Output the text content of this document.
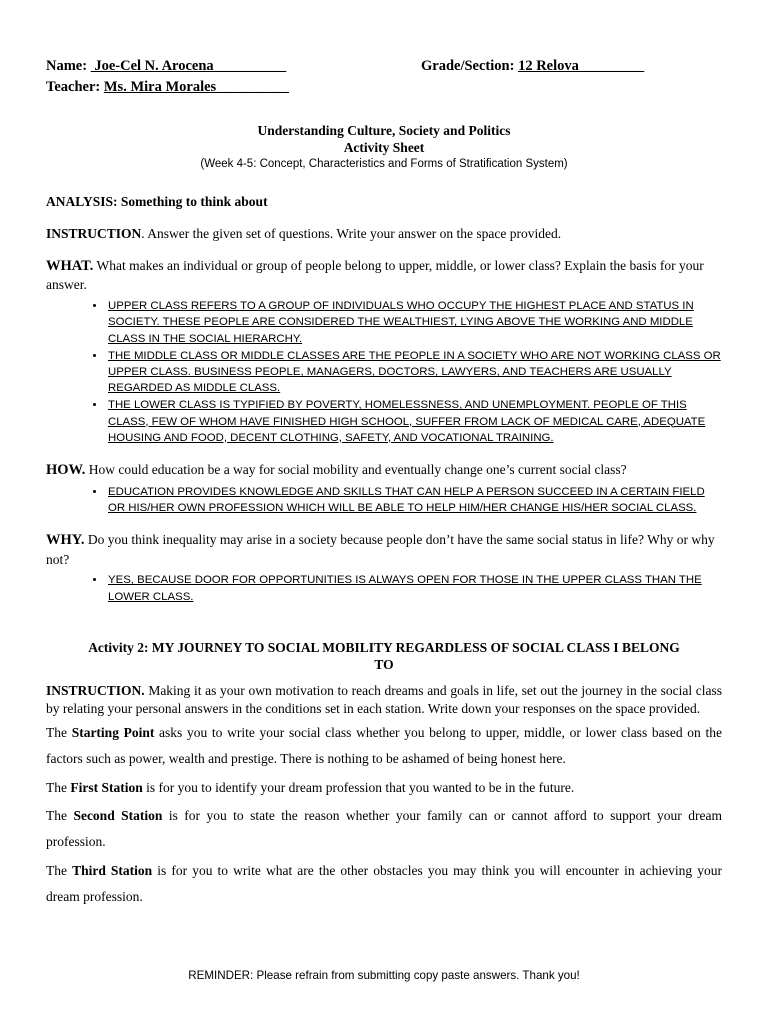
Name: Joe-Cel N. Arocena__________	Grade/Section: 12 Relova_________
Teacher: Ms. Mira Morales__________
Understanding Culture, Society and Politics
Activity Sheet
(Week 4-5: Concept, Characteristics and Forms of Stratification System)
ANALYSIS: Something to think about
INSTRUCTION. Answer the given set of questions. Write your answer on the space provided.
WHAT. What makes an individual or group of people belong to upper, middle, or lower class? Explain the basis for your answer.
• UPPER CLASS REFERS TO A GROUP OF INDIVIDUALS WHO OCCUPY THE HIGHEST PLACE AND STATUS IN SOCIETY. THESE PEOPLE ARE CONSIDERED THE WEALTHIEST, LYING ABOVE THE WORKING AND MIDDLE CLASS IN THE SOCIAL HIERARCHY.
• THE MIDDLE CLASS OR MIDDLE CLASSES ARE THE PEOPLE IN A SOCIETY WHO ARE NOT WORKING CLASS OR UPPER CLASS. BUSINESS PEOPLE, MANAGERS, DOCTORS, LAWYERS, AND TEACHERS ARE USUALLY REGARDED AS MIDDLE CLASS.
• THE LOWER CLASS IS TYPIFIED BY POVERTY, HOMELESSNESS, AND UNEMPLOYMENT. PEOPLE OF THIS CLASS, FEW OF WHOM HAVE FINISHED HIGH SCHOOL, SUFFER FROM LACK OF MEDICAL CARE, ADEQUATE HOUSING AND FOOD, DECENT CLOTHING, SAFETY, AND VOCATIONAL TRAINING.
HOW. How could education be a way for social mobility and eventually change one’s current social class?
• EDUCATION PROVIDES KNOWLEDGE AND SKILLS THAT CAN HELP A PERSON SUCCEED IN A CERTAIN FIELD OR HIS/HER OWN PROFESSION WHICH WILL BE ABLE TO HELP HIM/HER CHANGE HIS/HER SOCIAL CLASS.
WHY. Do you think inequality may arise in a society because people don’t have the same social status in life? Why or why not?
• YES, BECAUSE DOOR FOR OPPORTUNITIES IS ALWAYS OPEN FOR THOSE IN THE UPPER CLASS THAN THE LOWER CLASS.
Activity 2: MY JOURNEY TO SOCIAL MOBILITY REGARDLESS OF SOCIAL CLASS I BELONG TO
INSTRUCTION. Making it as your own motivation to reach dreams and goals in life, set out the journey in the social class by relating your personal answers in the conditions set in each station. Write down your responses on the space provided.
The Starting Point asks you to write your social class whether you belong to upper, middle, or lower class based on the factors such as power, wealth and prestige. There is nothing to be ashamed of being honest here.
The First Station is for you to identify your dream profession that you wanted to be in the future.
The Second Station is for you to state the reason whether your family can or cannot afford to support your dream profession.
The Third Station is for you to write what are the other obstacles you may think you will encounter in achieving your dream profession.
REMINDER: Please refrain from submitting copy paste answers. Thank you!
